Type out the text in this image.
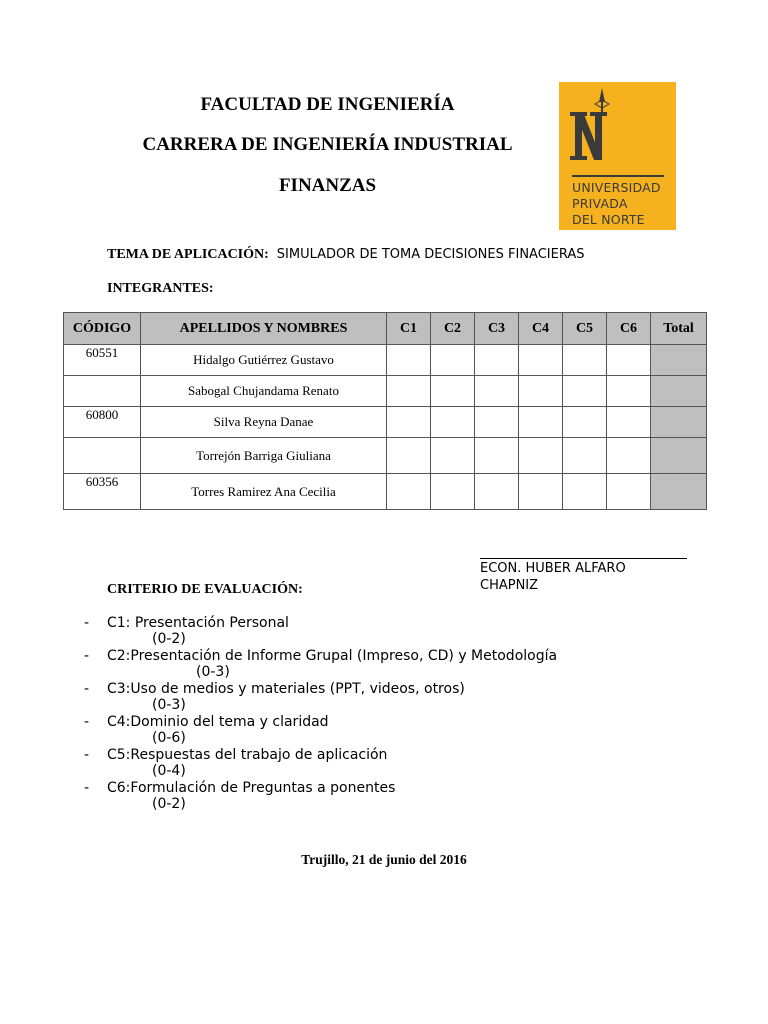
FACULTAD DE INGENIERÍA
CARRERA DE INGENIERÍA INDUSTRIAL
FINANZAS	UNIVERSIDAD
PRIVADA
DEL NORTE
TEMA DE APLICACIÓN: SIMULADOR DE TOMA DECISIONES FINACIERAS
INTEGRANTES:
CÓDIGO	APELLIDOS Y NOMBRES	C1	C2	C3	C4	C5	C6	Total
60551	Hidalgo Gutiérrez Gustavo							
	Sabogal Chujandama Renato							
60800	Silva Reyna Danae							
	Torrejón Barriga Giuliana							
60356	Torres Ramirez Ana Cecilia							
ECON. HUBER ALFARO CHAPNIZ
CRITERIO DE EVALUACIÓN:
- C1: Presentación Personal
(0-2)
- C2:Presentación de Informe Grupal (Impreso, CD) y Metodología
(0-3)
- C3:Uso de medios y materiales (PPT, videos, otros)
(0-3)
- C4:Dominio del tema y claridad
(0-6)
- C5:Respuestas del trabajo de aplicación
(0-4)
- C6:Formulación de Preguntas a ponentes
(0-2)
Trujillo, 21 de junio del 2016
